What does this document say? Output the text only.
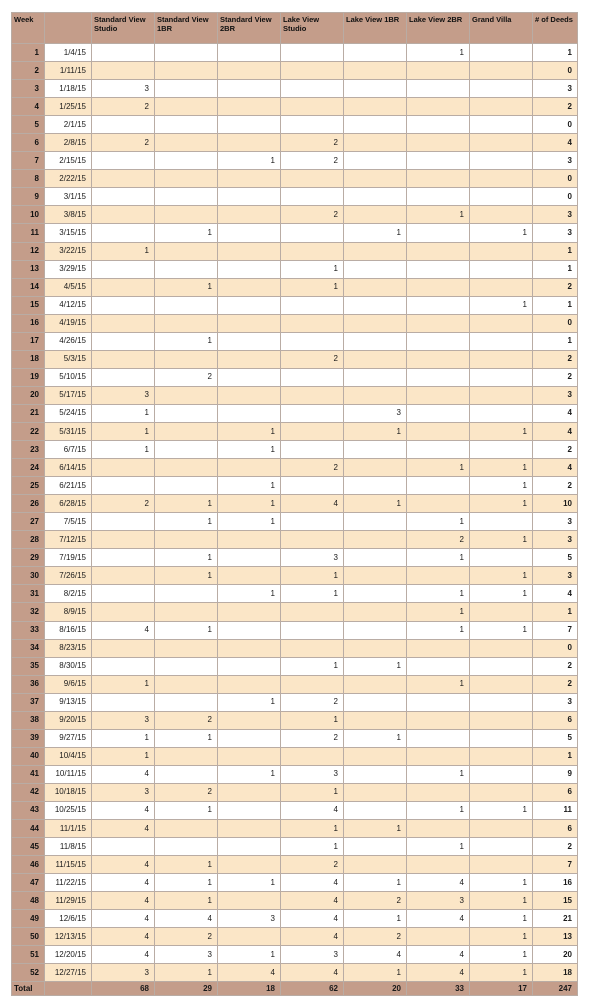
Week		Standard View Studio	Standard View 1BR	Standard View 2BR	Lake View Studio	Lake View 1BR	Lake View 2BR	Grand Villa	# of Deeds
1	1/4/15						1		1
2	1/11/15								0
3	1/18/15	3							3
4	1/25/15	2							2
5	2/1/15								0
6	2/8/15	2			2				4
7	2/15/15			1	2				3
8	2/22/15								0
9	3/1/15								0
10	3/8/15				2		1		3
11	3/15/15		1			1		1	3
12	3/22/15	1							1
13	3/29/15				1				1
14	4/5/15		1		1				2
15	4/12/15							1	1
16	4/19/15								0
17	4/26/15		1						1
18	5/3/15				2				2
19	5/10/15		2						2
20	5/17/15	3							3
21	5/24/15	1				3			4
22	5/31/15	1		1		1		1	4
23	6/7/15	1		1					2
24	6/14/15				2		1	1	4
25	6/21/15			1				1	2
26	6/28/15	2	1	1	4	1		1	10
27	7/5/15		1	1			1		3
28	7/12/15						2	1	3
29	7/19/15		1		3		1		5
30	7/26/15		1		1			1	3
31	8/2/15			1	1		1	1	4
32	8/9/15						1		1
33	8/16/15	4	1				1	1	7
34	8/23/15								0
35	8/30/15				1	1			2
36	9/6/15	1					1		2
37	9/13/15			1	2				3
38	9/20/15	3	2		1				6
39	9/27/15	1	1		2	1			5
40	10/4/15	1							1
41	10/11/15	4		1	3		1		9
42	10/18/15	3	2		1				6
43	10/25/15	4	1		4		1	1	11
44	11/1/15	4			1	1			6
45	11/8/15				1		1		2
46	11/15/15	4	1		2				7
47	11/22/15	4	1	1	4	1	4	1	16
48	11/29/15	4	1		4	2	3	1	15
49	12/6/15	4	4	3	4	1	4	1	21
50	12/13/15	4	2		4	2		1	13
51	12/20/15	4	3	1	3	4	4	1	20
52	12/27/15	3	1	4	4	1	4	1	18
Total		68	29	18	62	20	33	17	247
